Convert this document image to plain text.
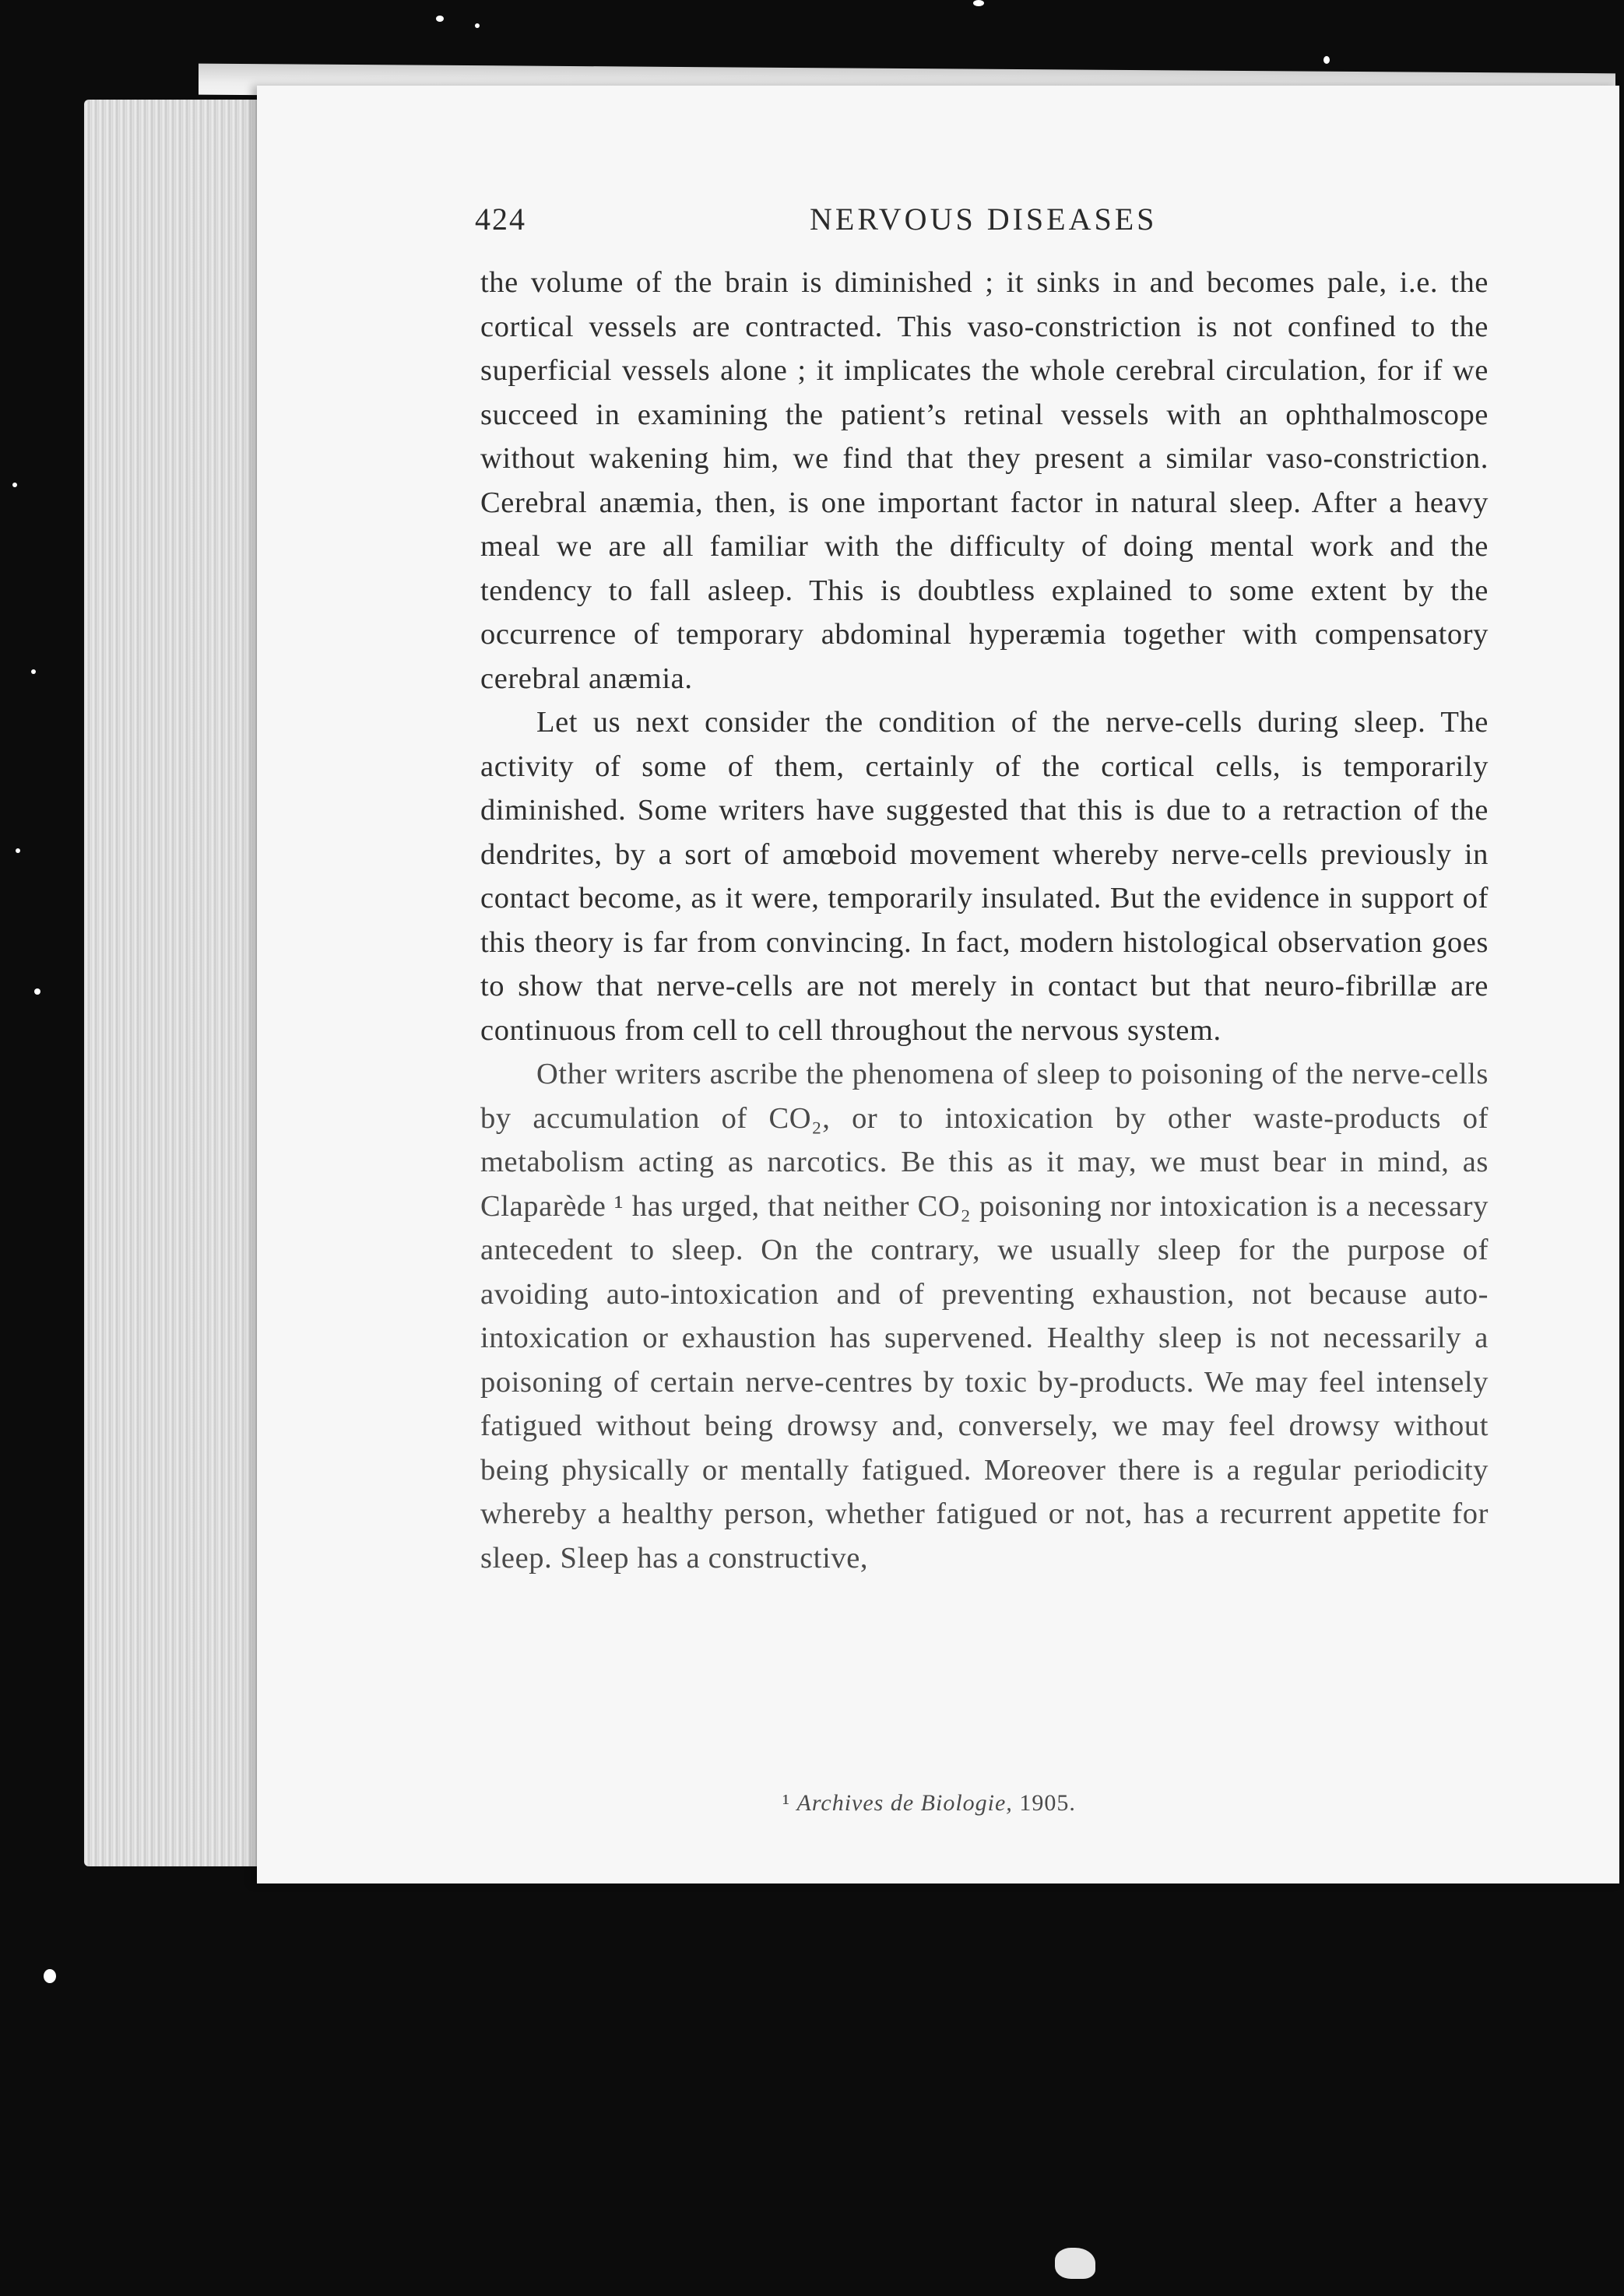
424	NERVOUS DISEASES

the volume of the brain is diminished ; it sinks in and becomes pale, i.e. the cortical vessels are contracted. This vaso-constriction is not confined to the superficial vessels alone ; it implicates the whole cerebral circulation, for if we succeed in examining the patient’s retinal vessels with an ophthalmoscope without wakening him, we find that they present a similar vaso-constriction. Cerebral anæmia, then, is one important factor in natural sleep. After a heavy meal we are all familiar with the difficulty of doing mental work and the tendency to fall asleep. This is doubtless explained to some extent by the occurrence of temporary abdominal hyperæmia together with compensatory cerebral anæmia.

Let us next consider the condition of the nerve-cells during sleep. The activity of some of them, certainly of the cortical cells, is temporarily diminished. Some writers have suggested that this is due to a retraction of the dendrites, by a sort of amœboid movement whereby nerve-cells previously in contact become, as it were, temporarily insulated. But the evidence in support of this theory is far from convincing. In fact, modern histological observation goes to show that nerve-cells are not merely in contact but that neuro-fibrillæ are continuous from cell to cell throughout the nervous system.

Other writers ascribe the phenomena of sleep to poisoning of the nerve-cells by accumulation of CO₂, or to intoxication by other waste-products of metabolism acting as narcotics. Be this as it may, we must bear in mind, as Claparède ¹ has urged, that neither CO₂ poisoning nor intoxication is a necessary antecedent to sleep. On the contrary, we usually sleep for the purpose of avoiding auto-intoxication and of preventing exhaustion, not because auto-intoxication or exhaustion has supervened. Healthy sleep is not necessarily a poisoning of certain nerve-centres by toxic by-products. We may feel intensely fatigued without being drowsy and, conversely, we may feel drowsy without being physically or mentally fatigued. Moreover there is a regular periodicity whereby a healthy person, whether fatigued or not, has a recurrent appetite for sleep. Sleep has a constructive,

¹ Archives de Biologie, 1905.
